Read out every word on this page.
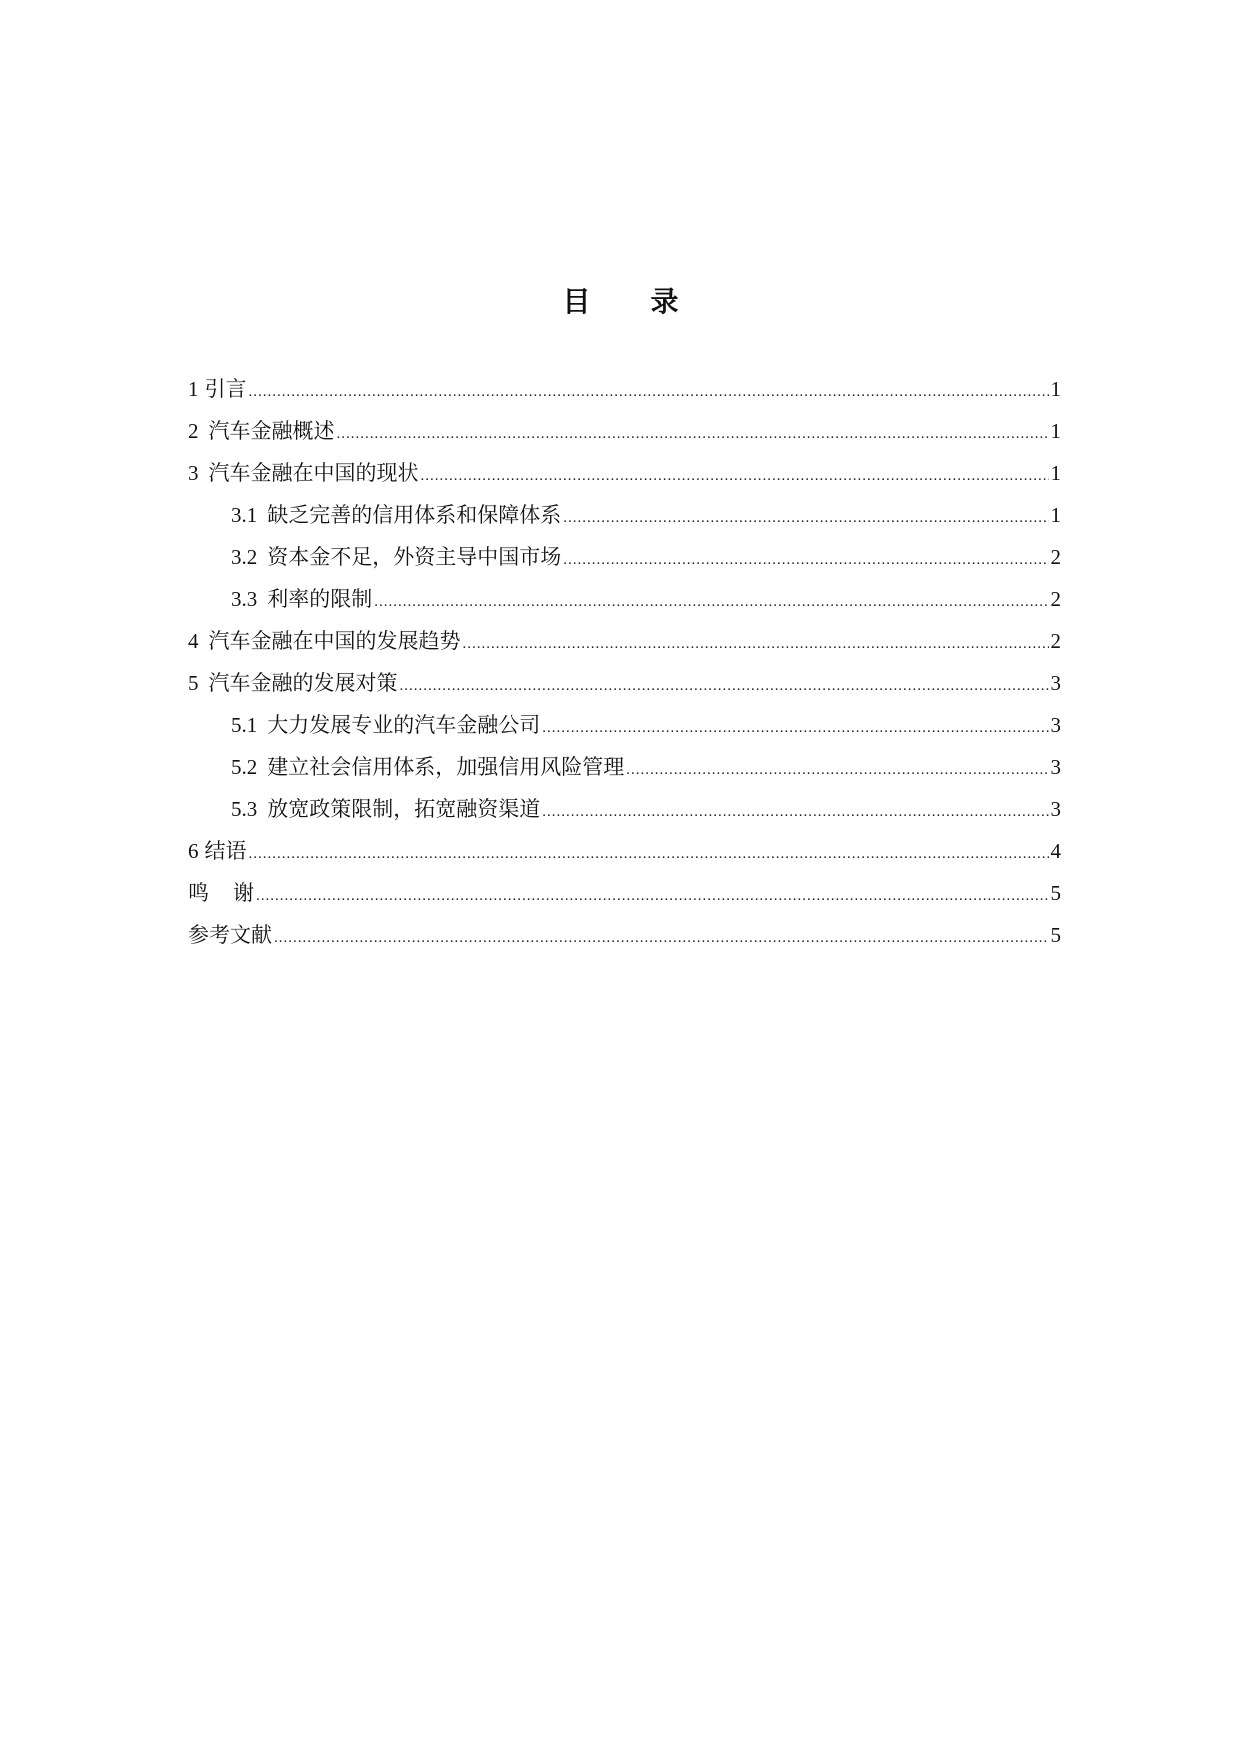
目 录
1 引言 .....	1
2 汽车金融概述 .....	1
3 汽车金融在中国的现状 .....	1
3.1 缺乏完善的信用体系和保障体系 .....	1
3.2 资本金不足，外资主导中国市场 .....	2
3.3 利率的限制 .....	2
4 汽车金融在中国的发展趋势 .....	2
5 汽车金融的发展对策 .....	3
5.1 大力发展专业的汽车金融公司 .....	3
5.2 建立社会信用体系，加强信用风险管理 .....	3
5.3 放宽政策限制，拓宽融资渠道 .....	3
6 结语 .....	4
鸣谢 .....	5
参考文献 .....	5
